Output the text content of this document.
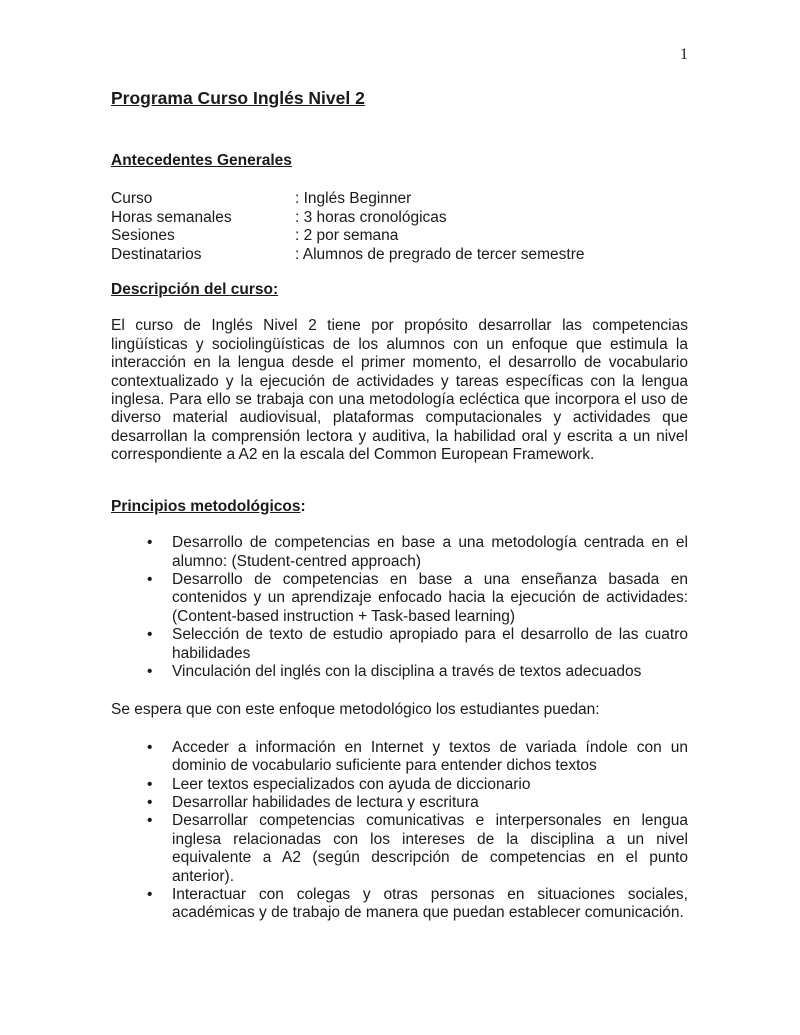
1
Programa Curso Inglés Nivel 2
Antecedentes Generales
Curso	: Inglés Beginner
Horas semanales	: 3 horas cronológicas
Sesiones	: 2 por semana
Destinatarios	: Alumnos de pregrado de tercer semestre
Descripción del curso:

El curso de Inglés Nivel 2 tiene por propósito desarrollar las competencias lingüísticas y sociolingüísticas de los alumnos con un enfoque que estimula la interacción en la lengua desde el primer momento, el desarrollo de vocabulario contextualizado y la ejecución de actividades y tareas específicas con la lengua inglesa. Para ello se trabaja con una metodología ecléctica que incorpora el uso de diverso material audiovisual, plataformas computacionales y actividades que desarrollan la comprensión lectora y auditiva, la habilidad oral y escrita a un nivel correspondiente a A2 en la escala del Common European Framework.

Principios metodológicos:
• Desarrollo de competencias en base a una metodología centrada en el alumno: (Student-centred approach)
• Desarrollo de competencias en base a una enseñanza basada en contenidos y un aprendizaje enfocado hacia la ejecución de actividades: (Content-based instruction + Task-based learning)
• Selección de texto de estudio apropiado para el desarrollo de las cuatro habilidades
• Vinculación del inglés con la disciplina a través de textos adecuados

Se espera que con este enfoque metodológico los estudiantes puedan:

• Acceder a información en Internet y textos de variada índole con un dominio de vocabulario suficiente para entender dichos textos
• Leer textos especializados con ayuda de diccionario
• Desarrollar habilidades de lectura y escritura
• Desarrollar competencias comunicativas e interpersonales en lengua inglesa relacionadas con los intereses de la disciplina a un nivel equivalente a A2 (según descripción de competencias en el punto anterior).
• Interactuar con colegas y otras personas en situaciones sociales, académicas y de trabajo de manera que puedan establecer comunicación.
